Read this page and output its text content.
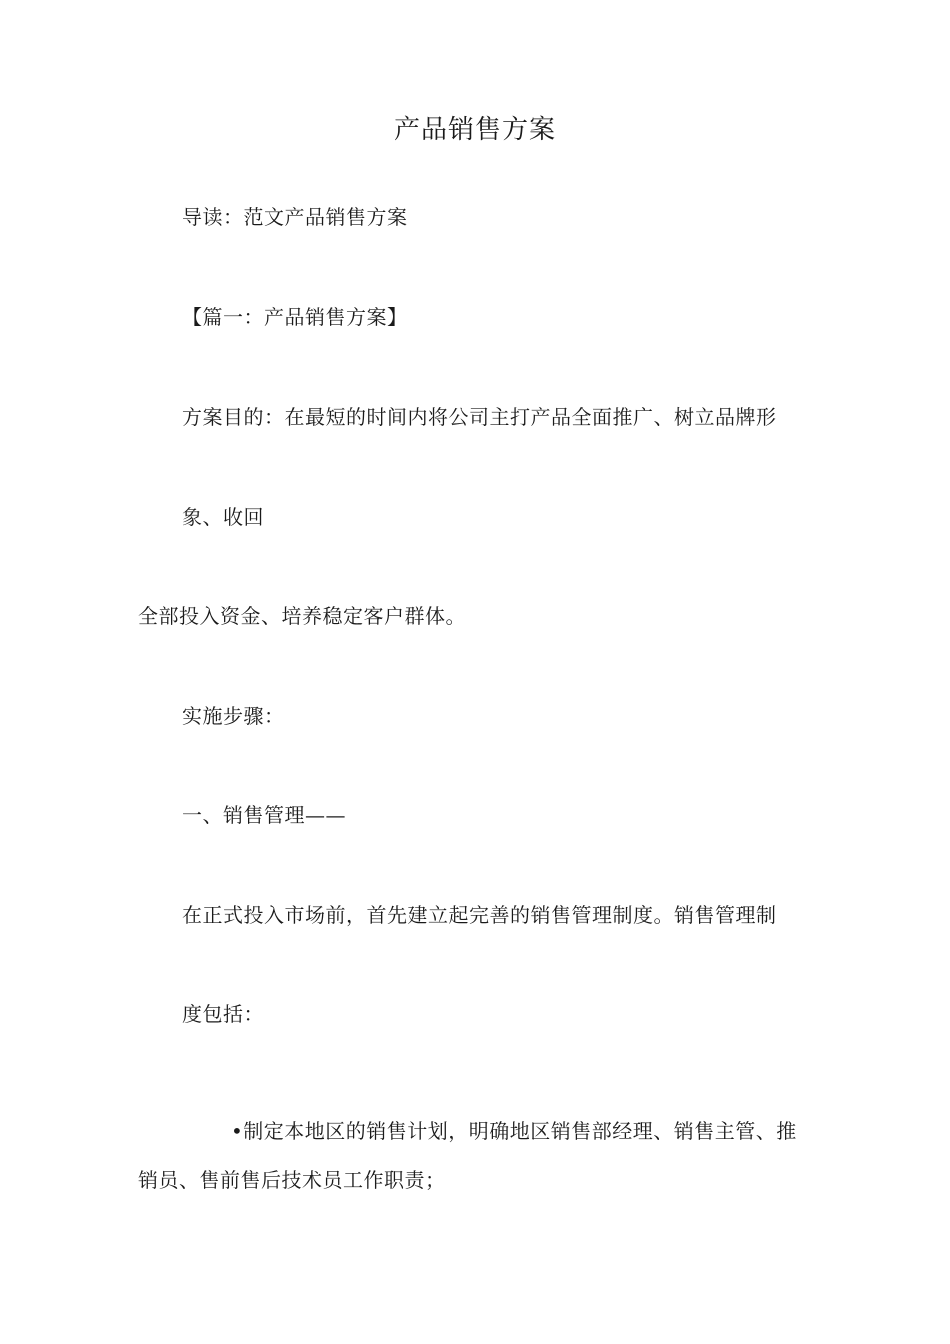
产品销售方案
导读：范文产品销售方案
【篇一：产品销售方案】
方案目的：在最短的时间内将公司主打产品全面推广、树立品牌形
象、收回
全部投入资金、培养稳定客户群体。
实施步骤：
一、销售管理——
在正式投入市场前，首先建立起完善的销售管理制度。销售管理制
度包括：
•制定本地区的销售计划，明确地区销售部经理、销售主管、推
销员、售前售后技术员工作职责；
